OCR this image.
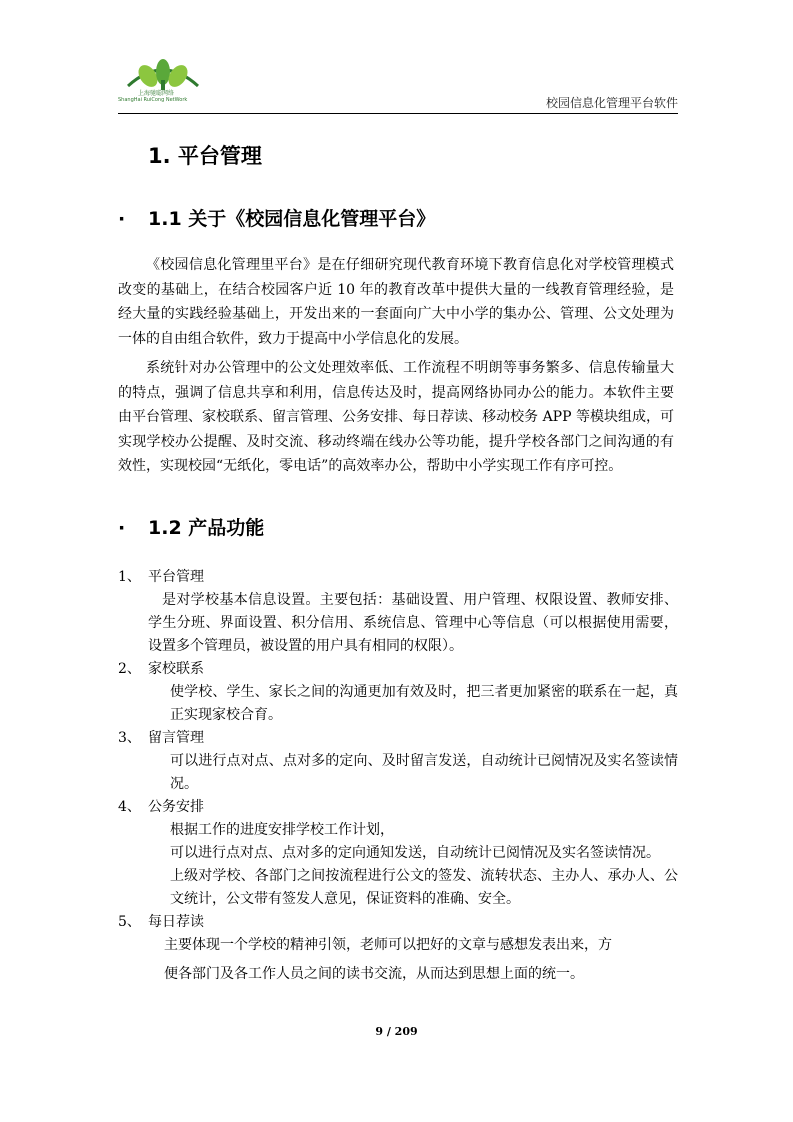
上海驰聪网络
ShangHai RuiCong NetWork	校园信息化管理平台软件
1. 平台管理
· 1.1 关于《校园信息化管理平台》
《校园信息化管理里平台》是在仔细研究现代教育环境下教育信息化对学校管理模式改变的基础上，在结合校园客户近 10 年的教育改革中提供大量的一线教育管理经验，是经大量的实践经验基础上，开发出来的一套面向广大中小学的集办公、管理、公文处理为一体的自由组合软件，致力于提高中小学信息化的发展。
系统针对办公管理中的公文处理效率低、工作流程不明朗等事务繁多、信息传输量大的特点，强调了信息共享和利用，信息传达及时，提高网络协同办公的能力。本软件主要由平台管理、家校联系、留言管理、公务安排、每日荐读、移动校务 APP 等模块组成，可实现学校办公提醒、及时交流、移动终端在线办公等功能，提升学校各部门之间沟通的有效性，实现校园“无纸化，零电话”的高效率办公，帮助中小学实现工作有序可控。
· 1.2 产品功能
1、 平台管理
是对学校基本信息设置。主要包括：基础设置、用户管理、权限设置、教师安排、学生分班、界面设置、积分信用、系统信息、管理中心等信息（可以根据使用需要，设置多个管理员，被设置的用户具有相同的权限）。
2、 家校联系
使学校、学生、家长之间的沟通更加有效及时，把三者更加紧密的联系在一起，真正实现家校合育。
3、 留言管理
可以进行点对点、点对多的定向、及时留言发送，自动统计已阅情况及实名签读情况。
4、 公务安排
根据工作的进度安排学校工作计划，
可以进行点对点、点对多的定向通知发送，自动统计已阅情况及实名签读情况。
上级对学校、各部门之间按流程进行公文的签发、流转状态、主办人、承办人、公文统计，公文带有签发人意见，保证资料的准确、安全。
5、 每日荐读
主要体现一个学校的精神引领，老师可以把好的文章与感想发表出来，方
便各部门及各工作人员之间的读书交流，从而达到思想上面的统一。
9 / 209
